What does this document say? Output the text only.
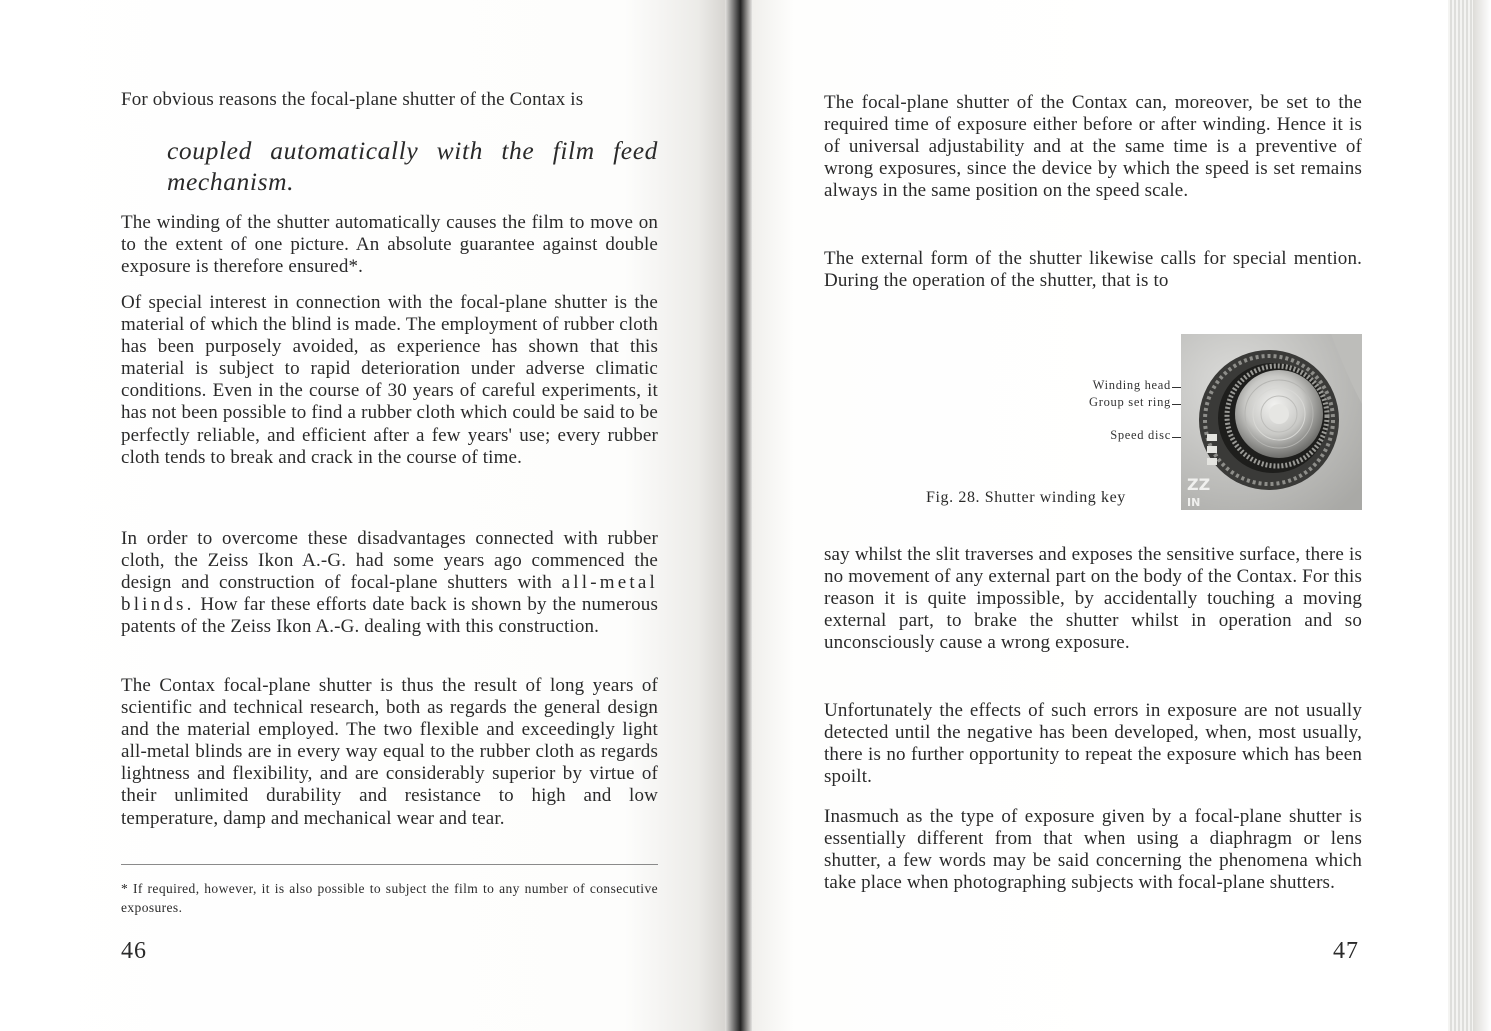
For obvious reasons the focal-plane shutter of the Contax is

coupled automatically with the film feed mechanism.

The winding of the shutter automatically causes the film to move on to the extent of one picture. An absolute guarantee against double exposure is therefore ensured*.

Of special interest in connection with the focal-plane shutter is the material of which the blind is made. The employment of rubber cloth has been purposely avoided, as experience has shown that this material is subject to rapid deterioration under adverse climatic conditions. Even in the course of 30 years of careful experiments, it has not been possible to find a rubber cloth which could be said to be perfectly reliable, and efficient after a few years' use; every rubber cloth tends to break and crack in the course of time.

In order to overcome these disadvantages connected with rubber cloth, the Zeiss Ikon A.-G. had some years ago commenced the design and construction of focal-plane shutters with all-metal blinds. How far these efforts date back is shown by the numerous patents of the Zeiss Ikon A.-G. dealing with this construction.

The Contax focal-plane shutter is thus the result of long years of scientific and technical research, both as regards the general design and the material employed. The two flexible and exceedingly light all-metal blinds are in every way equal to the rubber cloth as regards lightness and flexibility, and are considerably superior by virtue of their unlimited durability and resistance to high and low temperature, damp and mechanical wear and tear.

* If required, however, it is also possible to subject the film to any number of consecutive exposures.

46

The focal-plane shutter of the Contax can, moreover, be set to the required time of exposure either before or after winding. Hence it is of universal adjustability and at the same time is a preventive of wrong exposures, since the device by which the speed is set remains always in the same position on the speed scale.

The external form of the shutter likewise calls for special mention. During the operation of the shutter, that is to

Winding head

Group set ring

Speed disc

ZZ
IN

Fig. 28. Shutter winding key

say whilst the slit traverses and exposes the sensitive surface, there is no movement of any external part on the body of the Contax. For this reason it is quite impossible, by accidentally touching a moving external part, to brake the shutter whilst in operation and so unconsciously cause a wrong exposure.

Unfortunately the effects of such errors in exposure are not usually detected until the negative has been developed, when, most usually, there is no further opportunity to repeat the exposure which has been spoilt.

Inasmuch as the type of exposure given by a focal-plane shutter is essentially different from that when using a diaphragm or lens shutter, a few words may be said concerning the phenomena which take place when photographing subjects with focal-plane shutters.

47
